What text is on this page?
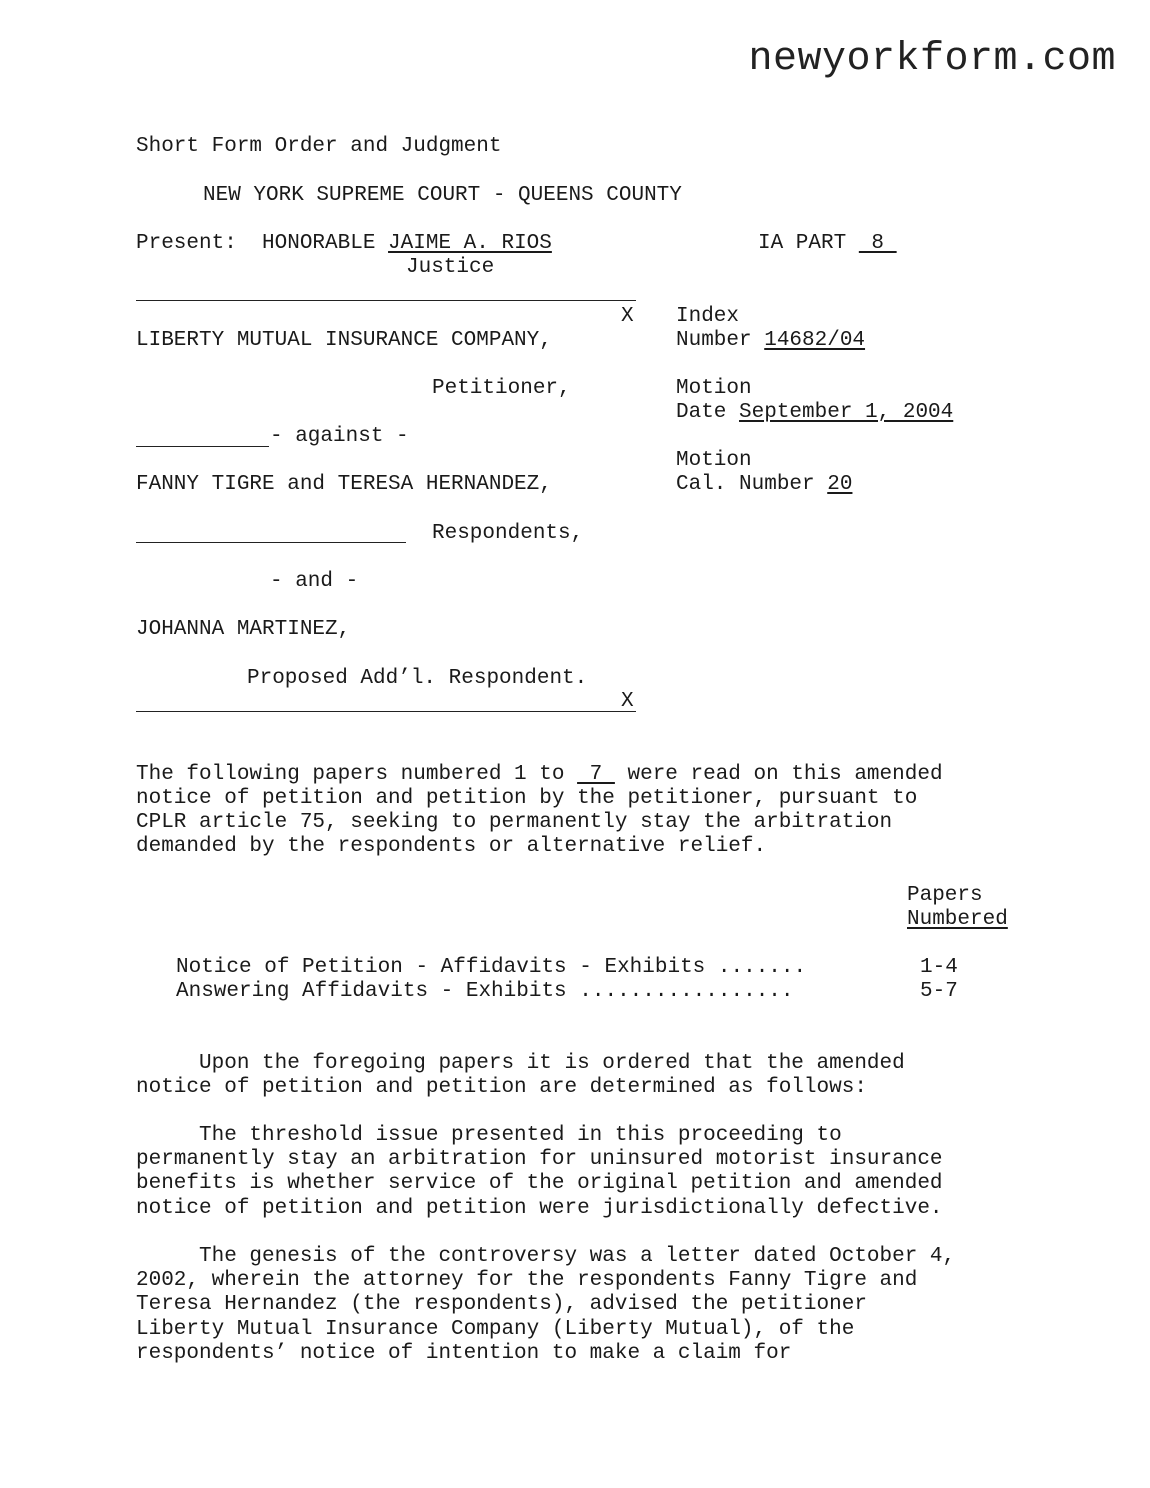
newyorkform.com
Short Form Order and Judgment
NEW YORK SUPREME COURT - QUEENS COUNTY
Present:  HONORABLE JAIME A. RIOS	IA PART  8
Justice
X
LIBERTY MUTUAL INSURANCE COMPANY,
Petitioner,
- against -
FANNY TIGRE and TERESA HERNANDEZ,
Respondents,
- and -
JOHANNA MARTINEZ,
Proposed Add’l. Respondent.
X
Index
Number 14682/04
Motion
Date September 1, 2004
Motion
Cal. Number 20
The following papers numbered 1 to  7  were read on this amended
notice of petition and petition by the petitioner, pursuant to
CPLR article 75, seeking to permanently stay the arbitration
demanded by the respondents or alternative relief.
Papers
Numbered
Notice of Petition - Affidavits - Exhibits .......	1-4
Answering Affidavits - Exhibits .................	5-7
Upon the foregoing papers it is ordered that the amended
notice of petition and petition are determined as follows:
The threshold issue presented in this proceeding to
permanently stay an arbitration for uninsured motorist insurance
benefits is whether service of the original petition and amended
notice of petition and petition were jurisdictionally defective.
The genesis of the controversy was a letter dated October 4,
2002, wherein the attorney for the respondents Fanny Tigre and
Teresa Hernandez (the respondents), advised the petitioner
Liberty Mutual Insurance Company (Liberty Mutual), of the
respondents’ notice of intention to make a claim for
